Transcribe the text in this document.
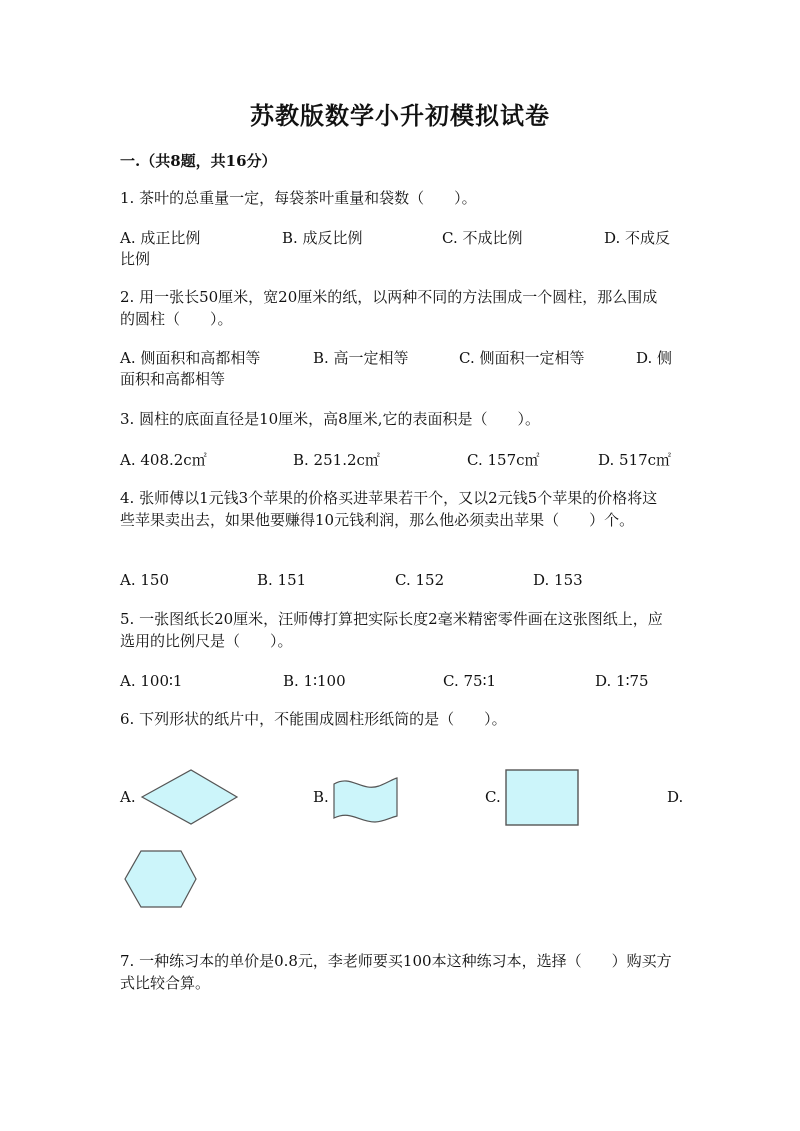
苏教版数学小升初模拟试卷
一.（共8题，共16分）
1. 茶叶的总重量一定，每袋茶叶重量和袋数（　　）。
A. 成正比例	B. 成反比例	C. 不成比例	D. 不成反
比例
2. 用一张长50厘米，宽20厘米的纸，以两种不同的方法围成一个圆柱，那么围成的圆柱（　　）。
A. 侧面积和高都相等	B. 高一定相等	C. 侧面积一定相等	D. 侧
面积和高都相等
3. 圆柱的底面直径是10厘米，高8厘米,它的表面积是（　　）。
A. 408.2c㎡	B. 251.2c㎡	C. 157c㎡	D. 517c㎡
4. 张师傅以1元钱3个苹果的价格买进苹果若干个，又以2元钱5个苹果的价格将这些苹果卖出去，如果他要赚得10元钱利润，那么他必须卖出苹果（　　）个。
A. 150	B. 151	C. 152	D. 153
5. 一张图纸长20厘米，汪师傅打算把实际长度2毫米精密零件画在这张图纸上，应选用的比例尺是（　　）。
A. 100∶1	B. 1∶100	C. 75∶1	D. 1∶75
6. 下列形状的纸片中，不能围成圆柱形纸筒的是（　　）。
A.	B.	C.	D.
7. 一种练习本的单价是0.8元，李老师要买100本这种练习本，选择（　　）购买方式比较合算。
